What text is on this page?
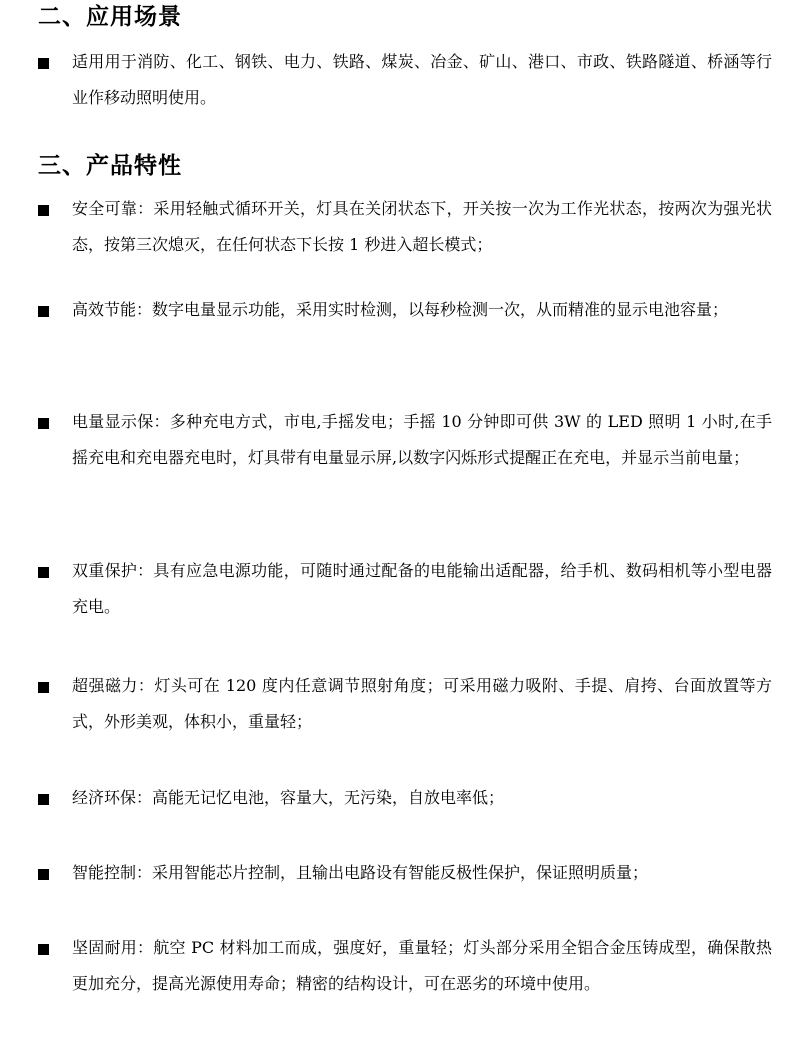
二、应用场景
适用用于消防、化工、钢铁、电力、铁路、煤炭、冶金、矿山、港口、市政、铁路隧道、桥涵等行业作移动照明使用。
三、产品特性
安全可靠：采用轻触式循环开关，灯具在关闭状态下，开关按一次为工作光状态，按两次为强光状态，按第三次熄灭，在任何状态下长按 1 秒进入超长模式；
高效节能：数字电量显示功能，采用实时检测，以每秒检测一次，从而精准的显示电池容量；
电量显示保：多种充电方式，市电,手摇发电；手摇 10 分钟即可供 3W 的 LED 照明 1 小时,在手摇充电和充电器充电时，灯具带有电量显示屏,以数字闪烁形式提醒正在充电，并显示当前电量；
双重保护：具有应急电源功能，可随时通过配备的电能输出适配器，给手机、数码相机等小型电器充电。
超强磁力：灯头可在 120 度内任意调节照射角度；可采用磁力吸附、手提、肩挎、台面放置等方式，外形美观，体积小，重量轻；
经济环保：高能无记忆电池，容量大，无污染，自放电率低；
智能控制：采用智能芯片控制，且输出电路设有智能反极性保护，保证照明质量；
坚固耐用：航空 PC 材料加工而成，强度好，重量轻；灯头部分采用全铝合金压铸成型，确保散热更加充分，提高光源使用寿命；精密的结构设计，可在恶劣的环境中使用。
